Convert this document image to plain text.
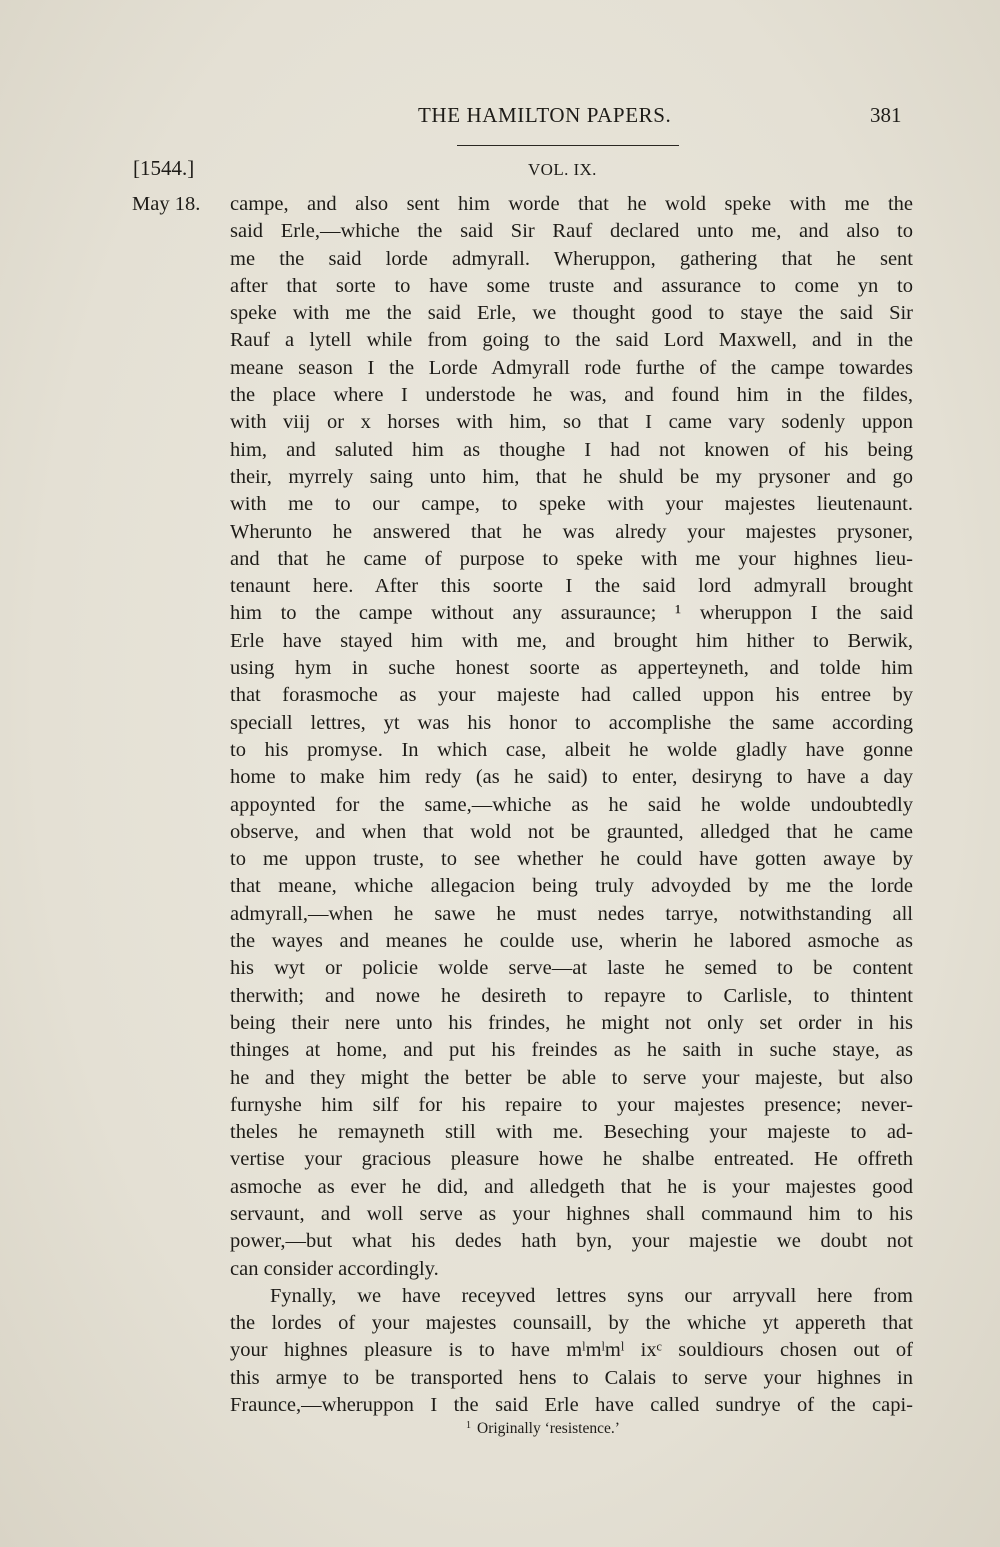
THE HAMILTON PAPERS.	381
[1544.]	VOL. IX.
May 18. campe, and also sent him worde that he wold speke with me the
said Erle,—whiche the said Sir Rauf declared unto me, and also to
me the said lorde admyrall. Wheruppon, gathering that he sent
after that sorte to have some truste and assurance to come yn to
speke with me the said Erle, we thought good to staye the said Sir
Rauf a lytell while from going to the said Lord Maxwell, and in the
meane season I the Lorde Admyrall rode furthe of the campe towardes
the place where I understode he was, and found him in the fildes,
with viij or x horses with him, so that I came vary sodenly uppon
him, and saluted him as thoughe I had not knowen of his being
their, myrrely saing unto him, that he shuld be my prysoner and go
with me to our campe, to speke with your majestes lieutenaunt.
Wherunto he answered that he was alredy your majestes prysoner,
and that he came of purpose to speke with me your highnes lieu-
tenaunt here. After this soorte I the said lord admyrall brought
him to the campe without any assuraunce; ¹ wheruppon I the said
Erle have stayed him with me, and brought him hither to Berwik,
using hym in suche honest soorte as apperteyneth, and tolde him
that forasmoche as your majeste had called uppon his entree by
speciall lettres, yt was his honor to accomplishe the same according
to his promyse. In which case, albeit he wolde gladly have gonne
home to make him redy (as he said) to enter, desiryng to have a day
appoynted for the same,—whiche as he said he wolde undoubtedly
observe, and when that wold not be graunted, alledged that he came
to me uppon truste, to see whether he could have gotten awaye by
that meane, whiche allegacion being truly advoyded by me the lorde
admyrall,—when he sawe he must nedes tarrye, notwithstanding all
the wayes and meanes he coulde use, wherin he labored asmoche as
his wyt or policie wolde serve—at laste he semed to be content
therwith; and nowe he desireth to repayre to Carlisle, to thintent
being their nere unto his frindes, he might not only set order in his
thinges at home, and put his freindes as he saith in suche staye, as
he and they might the better be able to serve your majeste, but also
furnyshe him silf for his repaire to your majestes presence; never-
theles he remayneth still with me. Beseching your majeste to ad-
vertise your gracious pleasure howe he shalbe entreated. He offreth
asmoche as ever he did, and alledgeth that he is your majestes good
servaunt, and woll serve as your highnes shall commaund him to his
power,—but what his dedes hath byn, your majestie we doubt not
can consider accordingly.
Fynally, we have receyved lettres syns our arryvall here from
the lordes of your majestes counsaill, by the whiche yt appereth that
your highnes pleasure is to have mˡmˡmˡ ixᶜ souldiours chosen out of
this armye to be transported hens to Calais to serve your highnes in
Fraunce,—wheruppon I the said Erle have called sundrye of the capi-
$^1$ Originally ‘resistence.’
